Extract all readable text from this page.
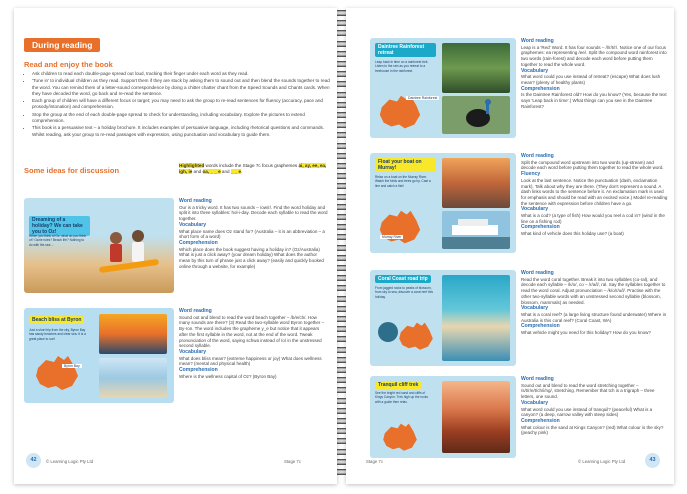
During reading
Read and enjoy the book
• Ask children to read each double-page spread out loud, tracking their finger under each word as they read.
• 'Tune in' to individual children as they read. Support them if they are stuck by asking them to sound out and then blend the sounds together to read the word. You can remind them of a letter-sound correspondence by doing a chitter chatter chant from the Speed Sounds and Chants cards. When they have decoded the word, go back and re-read the sentence.
• Each group of children will have a different focus or target; you may need to ask the group to re-read sentences for fluency (accuracy, pace and prosody/intonation) and comprehension.
• Stop the group at the end of each double-page spread to check for understanding, including vocabulary. Explore the pictures to extend comprehension.
• This book is a persuasive text – a holiday brochure. It includes examples of persuasive language, including rhetorical questions and commands. Whilst reading, ask your group to re-read passages with expression, using punctuation and vocabulary to guide them.
Some ideas for discussion
Highlighted words include the Stage 7c focus graphemes ai, ay, ee, ea, igh, ie and oa, _ _ e and _ _ e.
Dreaming of a holiday? We can take you to Oz!
When you think of Oz, what do you think of? Ozzie rules? Beach life? Nothing to do with the sea ...
Word reading
Our is a tricky word. It has two sounds – /ow/r/. Find the word holiday and split it into three syllables: hol-i-day. Decode each syllable to read the word together.
Vocabulary
What place name does Oz stand for? (Australia – it is an abbreviation – a short form of a word)
Comprehension
Which place does the book suggest having a holiday in? (Oz/Australia) What is just a click away? (your dream holiday) What does the author mean by this turn of phrase just a click away? (easily and quickly booked online through a website, for example)
Beach bliss at Byron
Just a short trip from the city, Byron Bay has sandy beaches and clear sea. It is a great place to surf.
Byron Bay
Word reading
Sound out and blend to read the word beach together – /b/e/ch/. How many sounds are there? (3) Read the two-syllable word Byron together – By-ron. The word includes the grapheme y_e but notice that it appears after the first syllable in the word, not at the end of the word. Tweak pronunciation of the word, saying schwa instead of /o/ in the unstressed second syllable.
Vocabulary
What does bliss mean? (extreme happiness or joy) What does wellness mean? (mental and physical health)
Comprehension
Where is the wellness capital of Oz? (Byron Bay)
42	© Learning Logic Pty Ltd	Stage 7c
Daintree Rainforest retreat
Leap back in time on a rainforest trek. Listen to the rain as you retreat to a treehouse in the rainforest.
Daintree Rainforest
Word reading
Leap is a 'Red' Word. It has four sounds – /l/r/t/r/. Notice one of our focus graphemes: ea representing /ee/. Split the compound word rainforest into two words (rain-forest) and decode each word before putting them together to read the whole word.
Vocabulary
What word could you use instead of retreat? (escape) What does lush mean? (plenty of healthy plants)
Comprehension
Is the Daintree Rainforest old? How do you know? (Yes, because the text says 'Leap back in time'.) What things can you see in the Daintree Rainforest?
Float your boat on Murray!
Relax on a boat on the Murray River. Watch the birds and trees go by. Cast a line and catch a fish!
Murray River
Word reading
Split the compound word upstream into two words (up-stream) and decode each word before putting them together to read the whole word.
Fluency
Look at the last sentence. Notice the punctuation (dash, exclamation mark). Talk about why they are there. (They don't represent a sound. A dash links words to the sentence before it. An exclamation mark is used for emphasis and should be read with an excited voice.) Model re-reading the sentence with expression before children have a go.
Vocabulary
What is a cod? (a type of fish) How would you reel a cod in? (wind in the line on a fishing rod)
Comprehension
What kind of vehicle does this holiday use? (a boat)
Coral Coast road trip
From jagged rocks to peaks of blossom, from sky to sea, discover a coral reef this holiday.
Word reading
Read the word coral together. Break it into two syllables (co-ral), and decode each syllable – /k/o/, co – /r/a/l/, ral. Say the syllables together to read the word coral. Adjust pronunciation – /k/o/r/u/l/. Practise with the other two-syllable words with an unstressed second syllable (blossom, blossom, mammals) as needed.
Vocabulary
What is a coral reef? (a large living structure found underwater) Where in Australia is this coral reef? (Coral Coast, WA)
Comprehension
What vehicle might you need for this holiday? How do you know?
Tranquil cliff trek
See the bright red sand and cliffs of Kings Canyon. Trek high up the rocks with a guide then relax.
Word reading
Sound out and blend to read the word stretching together – /s/t/r/e/t/ch/i/ng/, stretching. Remember that tch is a trigraph – three letters, one sound.
Vocabulary
What word could you use instead of tranquil? (peaceful) What is a canyon? (a deep, narrow valley with steep sides)
Comprehension
What colour is the sand at Kings Canyon? (red) What colour is the sky? (peachy pink)
Stage 7c	© Learning Logic Pty Ltd	43
